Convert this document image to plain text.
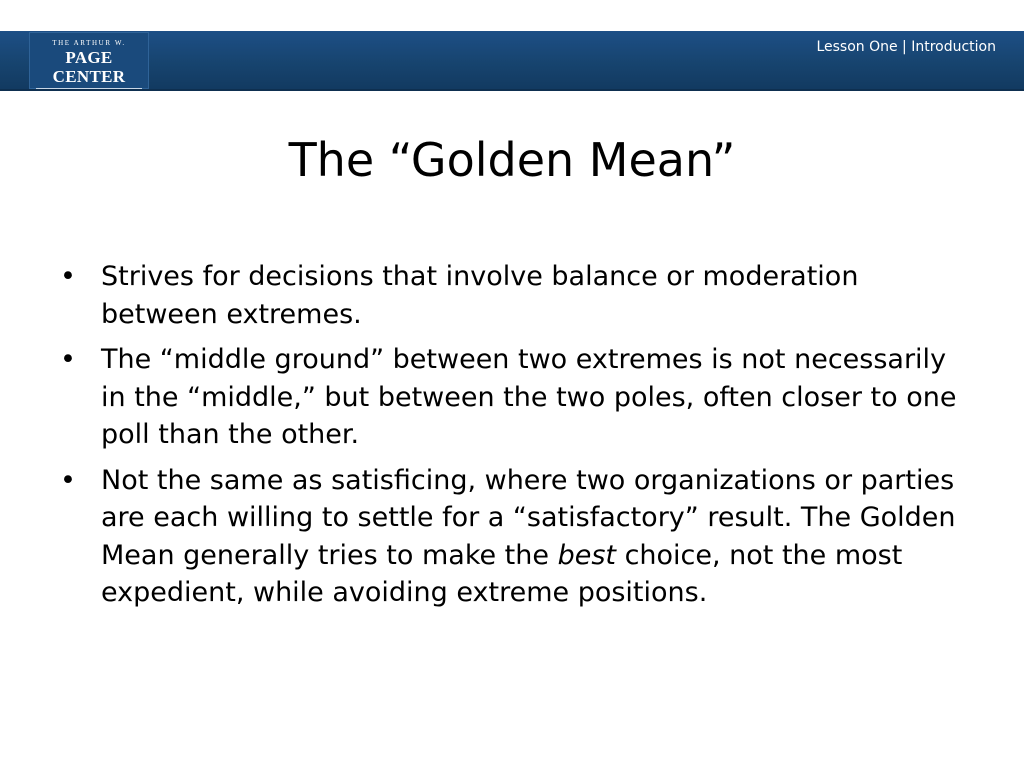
THE ARTHUR W.
PAGE CENTER
for integrity in public communication
Lesson One | Introduction
The “Golden Mean”
• Strives for decisions that involve balance or moderation between extremes.
• The “middle ground” between two extremes is not necessarily in the “middle,” but between the two poles, often closer to one poll than the other.
• Not the same as satisficing, where two organizations or parties are each willing to settle for a “satisfactory” result. The Golden Mean generally tries to make the best choice, not the most expedient, while avoiding extreme positions.
